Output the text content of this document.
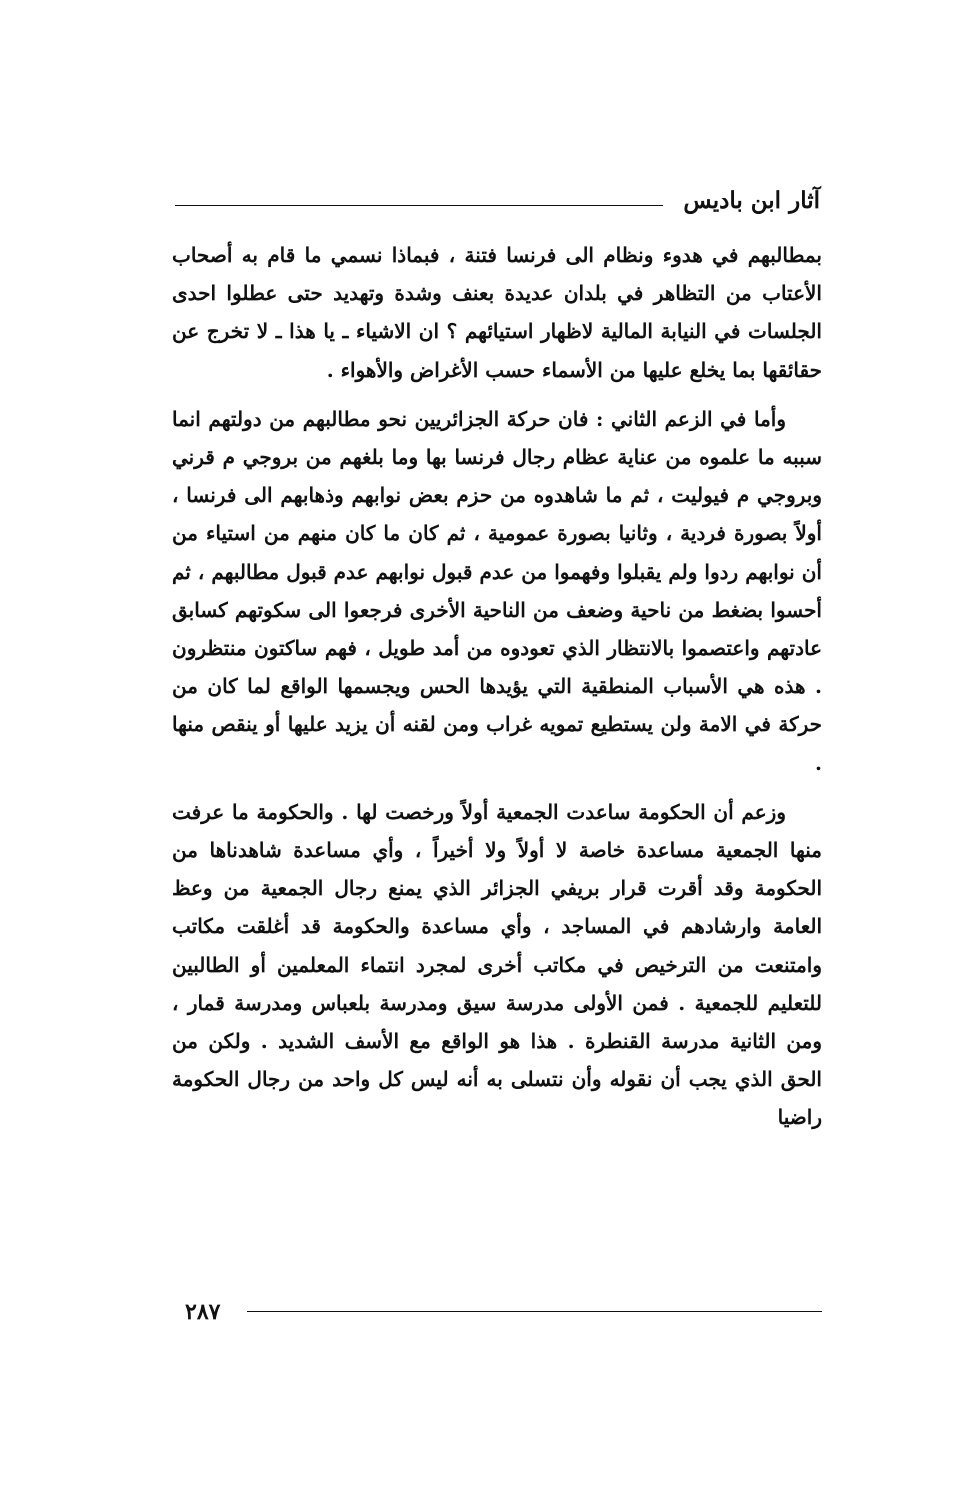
آثار ابن باديس

بمطالبهم في هدوء ونظام الى فرنسا فتنة ، فبماذا نسمي ما قام به أصحاب الأعتاب من التظاهر في بلدان عديدة بعنف وشدة وتهديد حتى عطلوا احدى الجلسات في النيابة المالية لاظهار استيائهم ؟ ان الاشياء ـ يا هذا ـ لا تخرج عن حقائقها بما يخلع عليها من الأسماء حسب الأغراض والأهواء .

وأما في الزعم الثاني : فان حركة الجزائريين نحو مطالبهم من دولتهم انما سببه ما علموه من عناية عظام رجال فرنسا بها وما بلغهم من بروجي م قرني وبروجي م فيوليت ، ثم ما شاهدوه من حزم بعض نوابهم وذهابهم الى فرنسا ، أولاً بصورة فردية ، وثانيا بصورة عمومية ، ثم كان ما كان منهم من استياء من أن نوابهم ردوا ولم يقبلوا وفهموا من عدم قبول نوابهم عدم قبول مطالبهم ، ثم أحسوا بضغط من ناحية وضعف من الناحية الأخرى فرجعوا الى سكوتهم كسابق عادتهم واعتصموا بالانتظار الذي تعودوه من أمد طويل ، فهم ساكتون منتظرون . هذه هي الأسباب المنطقية التي يؤيدها الحس ويجسمها الواقع لما كان من حركة في الامة ولن يستطيع تمويه غراب ومن لقنه أن يزيد عليها أو ينقص منها .

وزعم أن الحكومة ساعدت الجمعية أولاً ورخصت لها . والحكومة ما عرفت منها الجمعية مساعدة خاصة لا أولاً ولا أخيراً ، وأي مساعدة شاهدناها من الحكومة وقد أقرت قرار بريفي الجزائر الذي يمنع رجال الجمعية من وعظ العامة وارشادهم في المساجد ، وأي مساعدة والحكومة قد أغلقت مكاتب وامتنعت من الترخيص في مكاتب أخرى لمجرد انتماء المعلمين أو الطالبين للتعليم للجمعية . فمن الأولى مدرسة سيق ومدرسة بلعباس ومدرسة قمار ، ومن الثانية مدرسة القنطرة . هذا هو الواقع مع الأسف الشديد . ولكن من الحق الذي يجب أن نقوله وأن نتسلى به أنه ليس كل واحد من رجال الحكومة راضيا

٢٨٧
